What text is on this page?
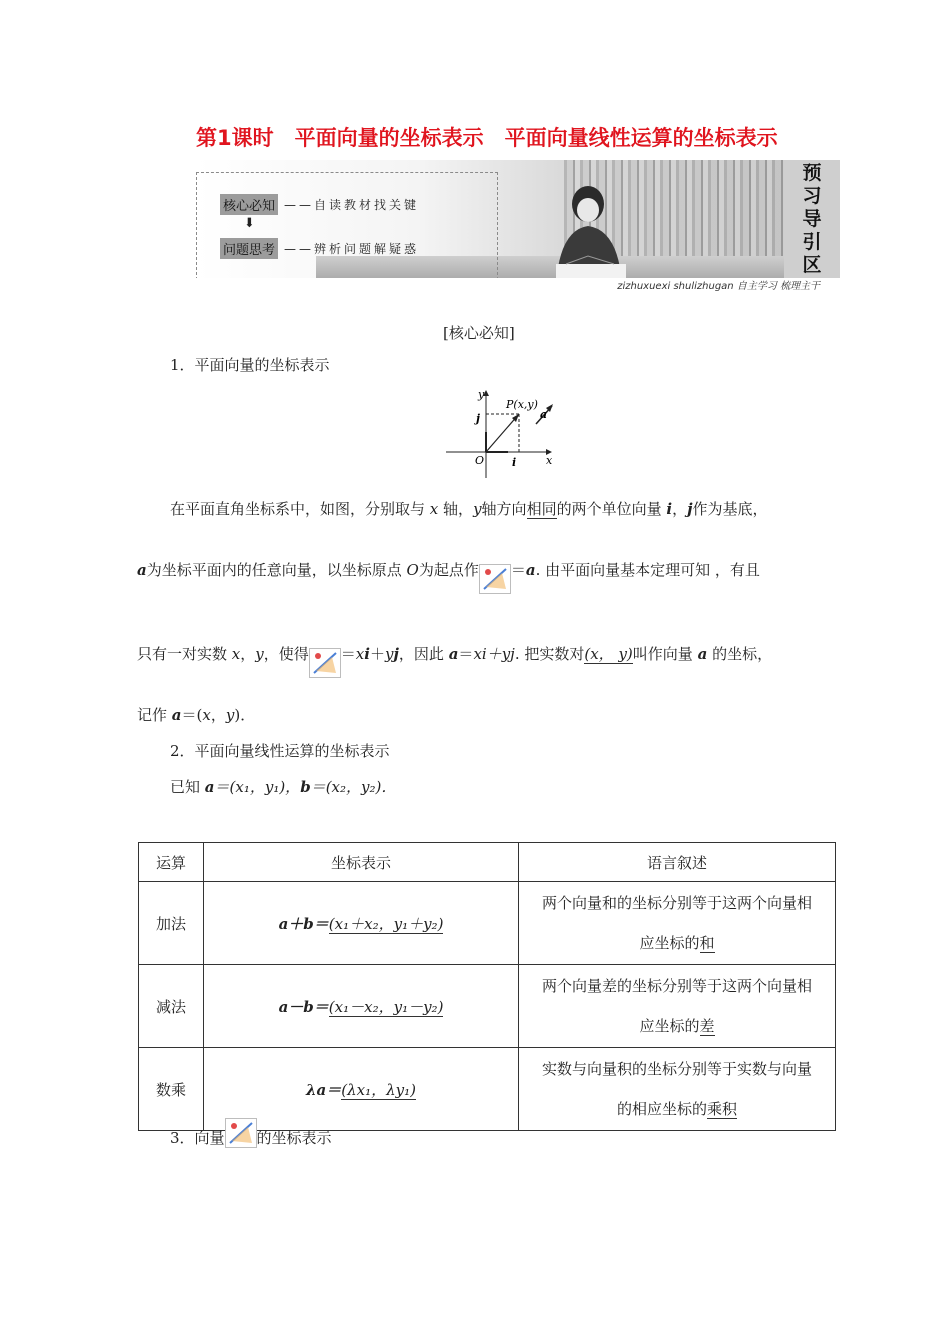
第1课时　平面向量的坐标表示　平面向量线性运算的坐标表示
核心必知 ——自读教材找关键
⬇
问题思考 ——辨析问题解疑惑
预
习
导
引
区
zizhuxuexi shulizhugan 自主学习 梳理主干
[核心必知]
1．平面向量的坐标表示
y
x
O	i
j
P(x,y)
a
在平面直角坐标系中，如图，分别取与 x 轴，y轴方向相同的两个单位向量 i，j作为基底，
a为坐标平面内的任意向量，以坐标原点 O为起点作 ＝a. 由平面向量基本定理可知 ，有且
只有一对实数 x，y，使得 ＝xi＋yj，因此 a＝xi＋yj. 把实数对(x， y)叫作向量 a 的坐标，
记作 a＝(x，y)．
2．平面向量线性运算的坐标表示
已知 a＝(x₁，y₁)，b＝(x₂，y₂)．
运算	坐标表示	语言叙述
加法	a＋b＝(x₁＋x₂，y₁＋y₂)	两个向量和的坐标分别等于这两个向量相
应坐标的和

减法	a－b＝(x₁－x₂，y₁－y₂)	两个向量差的坐标分别等于这两个向量相
应坐标的差

数乘	λa＝(λx₁，λy₁)	实数与向量积的坐标分别等于实数与向量
的相应坐标的乘积
3．向量 的坐标表示
